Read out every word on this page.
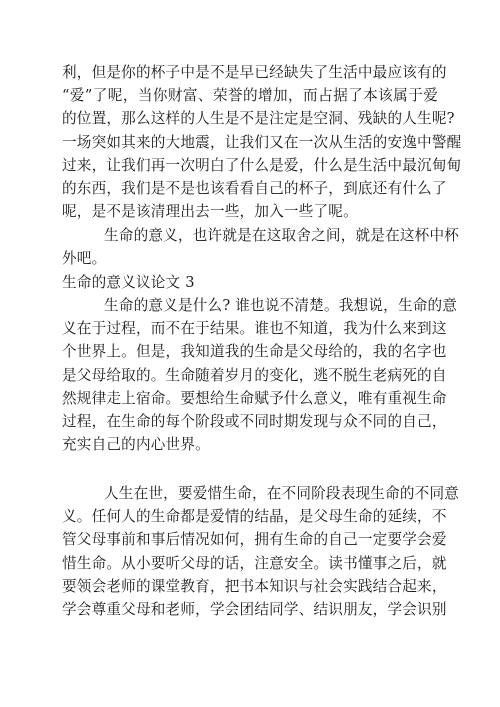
利，但是你的杯子中是不是早已经缺失了生活中最应该有的
“爱”了呢，当你财富、荣誉的增加，而占据了本该属于爱
的位置，那么这样的人生是不是注定是空洞、残缺的人生呢?
一场突如其来的大地震，让我们又在一次从生活的安逸中警醒
过来，让我们再一次明白了什么是爱，什么是生活中最沉甸甸
的东西，我们是不是也该看看自己的杯子，到底还有什么了
呢，是不是该清理出去一些，加入一些了呢。
生命的意义，也许就是在这取舍之间，就是在这杯中杯
外吧。
生命的意义议论文 3
生命的意义是什么? 谁也说不清楚。我想说，生命的意
义在于过程，而不在于结果。谁也不知道，我为什么来到这
个世界上。但是，我知道我的生命是父母给的，我的名字也
是父母给取的。生命随着岁月的变化，逃不脱生老病死的自
然规律走上宿命。要想给生命赋予什么意义，唯有重视生命
过程，在生命的每个阶段或不同时期发现与众不同的自己，
充实自己的内心世界。
人生在世，要爱惜生命，在不同阶段表现生命的不同意
义。任何人的生命都是爱情的结晶，是父母生命的延续，不
管父母事前和事后情况如何，拥有生命的自己一定要学会爱
惜生命。从小要听父母的话，注意安全。读书懂事之后，就
要领会老师的课堂教育，把书本知识与社会实践结合起来，
学会尊重父母和老师，学会团结同学、结识朋友，学会识别
